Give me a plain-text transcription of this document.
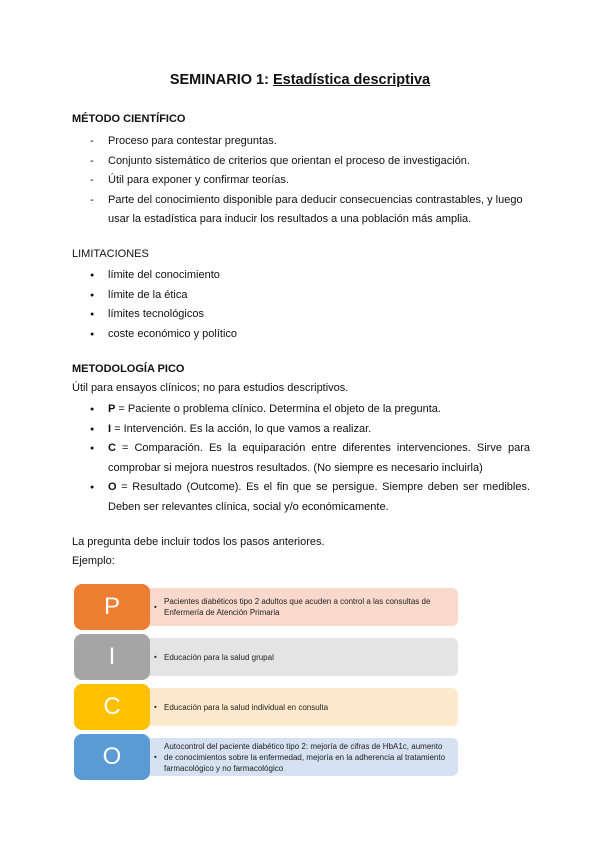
SEMINARIO 1: Estadística descriptiva
MÉTODO CIENTÍFICO
- Proceso para contestar preguntas.
- Conjunto sistemático de criterios que orientan el proceso de investigación.
- Útil para exponer y confirmar teorías.
- Parte del conocimiento disponible para deducir consecuencias contrastables, y luego usar la estadística para inducir los resultados a una población más amplia.
LIMITACIONES
● límite del conocimiento
● límite de la ética
● límites tecnológicos
● coste económico y político
METODOLOGÍA PICO
Útil para ensayos clínicos; no para estudios descriptivos.
● P = Paciente o problema clínico. Determina el objeto de la pregunta.
● I = Intervención. Es la acción, lo que vamos a realizar.
● C = Comparación. Es la equiparación entre diferentes intervenciones. Sirve para comprobar si mejora nuestros resultados. (No siempre es necesario incluirla)
● O = Resultado (Outcome). Es el fin que se persigue. Siempre deben ser medibles. Deben ser relevantes clínica, social y/o económicamente.
La pregunta debe incluir todos los pasos anteriores.
Ejemplo:
P	•
Pacientes diabéticos tipo 2 adultos que acuden a control a las consultas de Enfermería de Atención Primaria
I	• Educación para la salud grupal
C	• Educación para la salud individual en consulta
O	•
Autocontrol del paciente diabético tipo 2: mejoría de cifras de HbA1c, aumento de conocimientos sobre la enfermedad, mejoría en la adherencia al tratamiento farmacológico y no farmacológico
